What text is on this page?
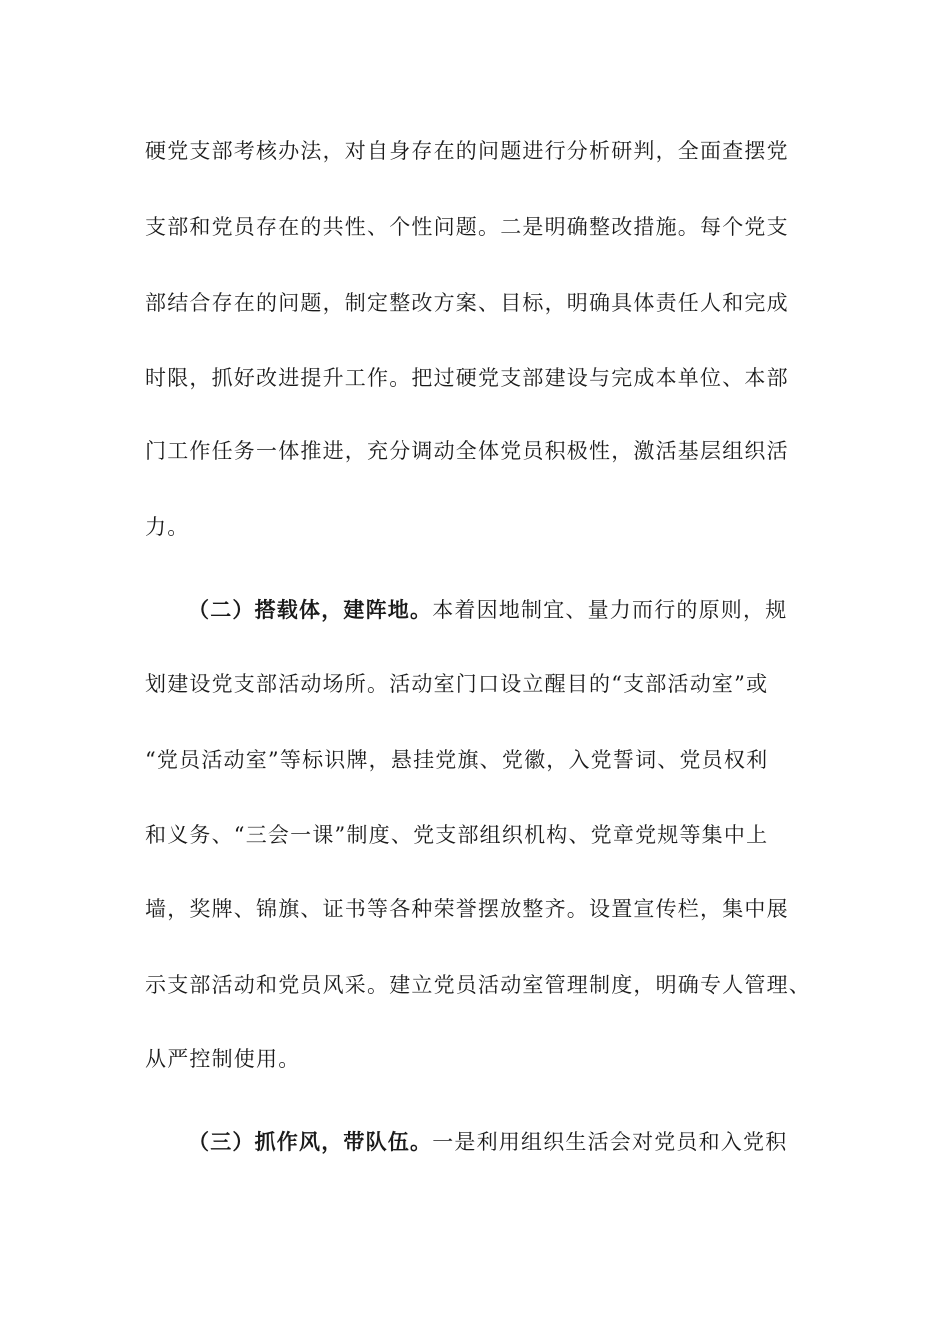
硬党支部考核办法，对自身存在的问题进行分析研判，全面查摆党
支部和党员存在的共性、个性问题。二是明确整改措施。每个党支
部结合存在的问题，制定整改方案、目标，明确具体责任人和完成
时限，抓好改进提升工作。把过硬党支部建设与完成本单位、本部
门工作任务一体推进，充分调动全体党员积极性，激活基层组织活
力。
（二）搭载体，建阵地。本着因地制宜、量力而行的原则，规
划建设党支部活动场所。活动室门口设立醒目的“支部活动室”或
“党员活动室”等标识牌，悬挂党旗、党徽，入党誓词、党员权利
和义务、“三会一课”制度、党支部组织机构、党章党规等集中上
墙，奖牌、锦旗、证书等各种荣誉摆放整齐。设置宣传栏，集中展
示支部活动和党员风采。建立党员活动室管理制度，明确专人管理、
从严控制使用。
（三）抓作风，带队伍。一是利用组织生活会对党员和入党积
